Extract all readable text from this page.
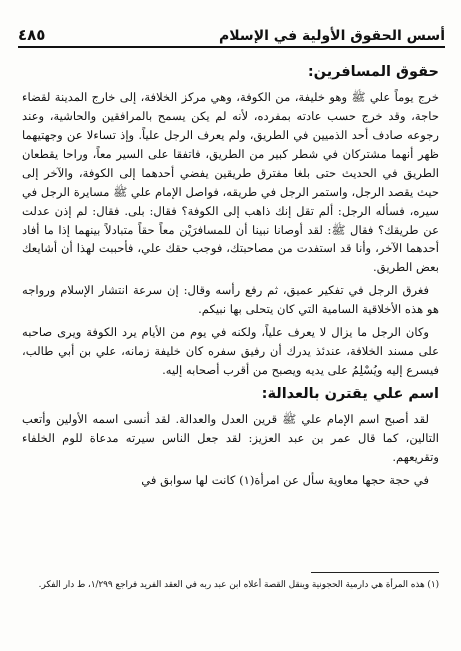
أسس الحقوق الأولية في الإسلام
٤٨٥
حقوق المسافرين:

خرج يوماً علي ﷺ وهو خليفة، من الكوفة، وهي مركز الخلافة، إلى خارج المدينة لقضاء حاجة، وقد خرج حسب عادته بمفرده، لأنه لم يكن يسمح بالمرافقين والحاشية، وعند رجوعه صادف أحد الذميين في الطريق، ولم يعرف الرجل علياً. وإذ تساءلا عن وجهتيهما ظهر أنهما مشتركان في شطر كبير من الطريق، فاتفقا على السير معاً، وراحا يقطعان الطريق في الحديث حتى بلغا مفترق طريقين يفضي أحدهما إلى الكوفة، والآخر إلى حيث يقصد الرجل، واستمر الرجل في طريقه، فواصل الإمام علي ﷺ مسايرة الرجل في سيره، فسأله الرجل: ألم تقل إنك ذاهب إلى الكوفة؟ فقال: بلى. فقال: لم إذن عدلت عن طريقك؟ فقال ﷺ: لقد أوصانا نبينا أن للمسافرَيْن معاً حقاً متبادلاً بينهما إذا ما أفاد أحدهما الآخر، وأنا قد استفدت من مصاحبتك، فوجب حقك علي، فأحببت لهذا أن أشايعك بعض الطريق.

فغرق الرجل في تفكير عميق، ثم رفع رأسه وقال: إن سرعة انتشار الإسلام ورواجه هو هذه الأخلاقية السامية التي كان يتحلى بها نبيكم.

وكان الرجل ما يزال لا يعرف علياً، ولكنه في يوم من الأيام يرد الكوفة ويرى صاحبه على مسند الخلافة، عندئذ يدرك أن رفيق سفره كان خليفة زمانه، علي بن أبي طالب، فيسرع إليه ويُسْلِمُ على يديه ويصبح من أقرب أصحابه إليه.

اسم علي يقترن بالعدالة:

لقد أصبح اسم الإمام علي ﷺ قرين العدل والعدالة. لقد أنسى اسمه الأولين وأتعب التالين، كما قال عمر بن عبد العزيز: لقد جعل الناس سيرته مدعاة للوم الخلفاء وتقريعهم.

في حجة حجها معاوية سأل عن امرأة(١) كانت لها سوابق في

(١) هذه المرأة هي دارمية الحجونية وينقل القصة أعلاه ابن عبد ربه في العقد الفريد فراجع ١/٢٩٩، ط دار الفكر.
